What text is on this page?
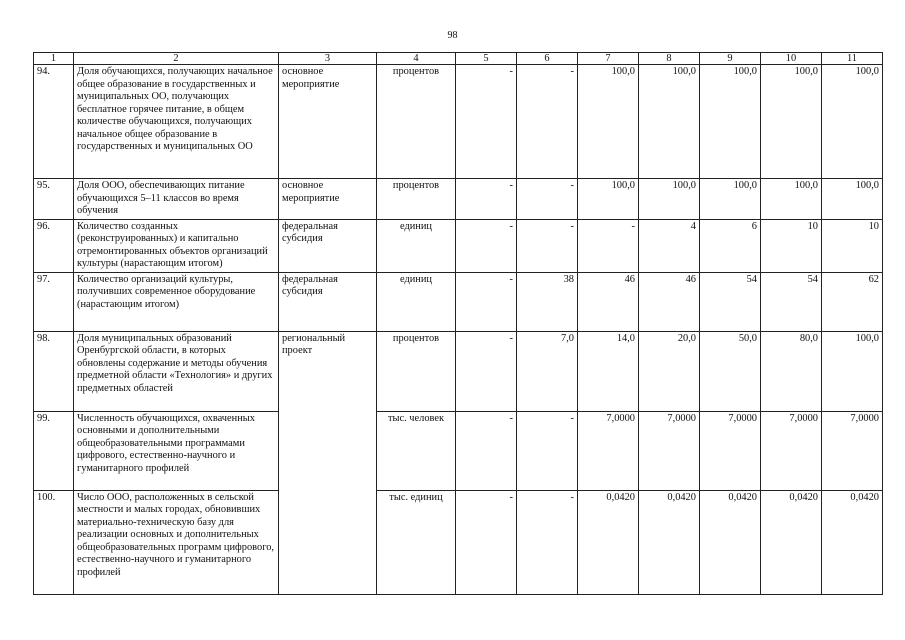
98
1	2	3	4	5	6	7	8	9	10	11
94.	Доля обучающихся, получающих начальное общее образование в государственных и муниципальных ОО, получающих бесплатное горячее питание, в общем количестве обучающихся, получающих начальное общее образование в государственных и муниципальных ОО	основное мероприятие	процентов	-	-	100,0	100,0	100,0	100,0	100,0
95.	Доля ООО, обеспечивающих питание обучающихся 5–11 классов во время обучения	основное мероприятие	процентов	-	-	100,0	100,0	100,0	100,0	100,0
96.	Количество созданных (реконструированных) и капитально отремонтированных объектов организаций культуры (нарастающим итогом)	федеральная субсидия	единиц	-	-	-	4	6	10	10
97.	Количество организаций культуры, получивших современное оборудование (нарастающим итогом)	федеральная субсидия	единиц	-	38	46	46	54	54	62
98.	Доля муниципальных образований Оренбургской области, в которых обновлены содержание и методы обучения предметной области «Технология» и других предметных областей	региональный проект	процентов	-	7,0	14,0	20,0	50,0	80,0	100,0
99.	Численность обучающихся, охваченных основными и дополнительными общеобразовательными программами цифрового, естественно-научного и гуманитарного профилей		тыс. человек	-	-	7,0000	7,0000	7,0000	7,0000	7,0000
100.	Число ООО, расположенных в сельской местности и малых городах, обновивших материально-техническую базу для реализации основных и дополнительных общеобразовательных программ цифрового, естественно-научного и гуманитарного профилей		тыс. единиц	-	-	0,0420	0,0420	0,0420	0,0420	0,0420
